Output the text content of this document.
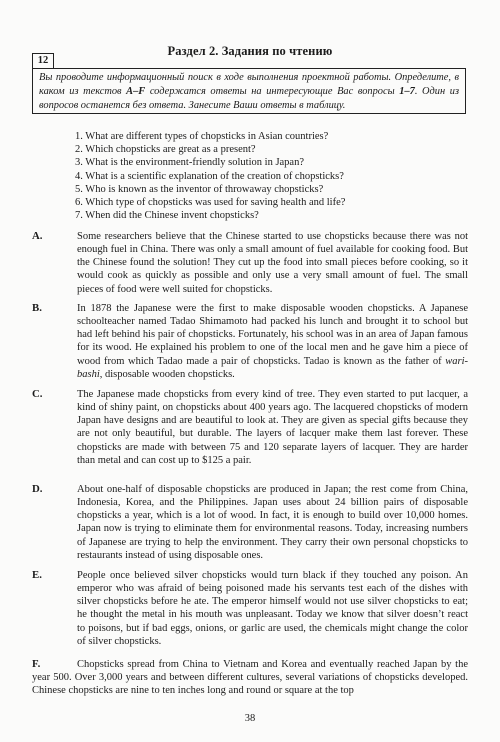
Раздел 2. Задания по чтению
12
Вы проводите информационный поиск в ходе выполнения проектной работы. Определите, в каком из текстов A–F содержатся ответы на интересующие Вас вопросы 1–7. Один из вопросов останется без ответа. Занесите Ваши ответы в таблицу.
1. What are different types of chopsticks in Asian countries?
2. Which chopsticks are great as a present?
3. What is the environment-friendly solution in Japan?
4. What is a scientific explanation of the creation of chopsticks?
5. Who is known as the inventor of throwaway chopsticks?
6. Which type of chopsticks was used for saving health and life?
7. When did the Chinese invent chopsticks?
A.	Some researchers believe that the Chinese started to use chopsticks because there was not enough fuel in China. There was only a small amount of fuel available for cooking food. But the Chinese found the solution! They cut up the food into small pieces before cooking, so it would cook as quickly as possible and only use a very small amount of fuel. The small pieces of food were well suited for chopsticks.
B.	In 1878 the Japanese were the first to make disposable wooden chopsticks. A Japanese schoolteacher named Tadao Shimamoto had packed his lunch and brought it to school but had left behind his pair of chopsticks. Fortunately, his school was in an area of Japan famous for its wood. He explained his problem to one of the local men and he gave him a piece of wood from which Tadao made a pair of chopsticks. Tadao is known as the father of wari-bashi, disposable wooden chopsticks.
C.	The Japanese made chopsticks from every kind of tree. They even started to put lacquer, a kind of shiny paint, on chopsticks about 400 years ago. The lacquered chopsticks of modern Japan have designs and are beautiful to look at. They are given as special gifts because they are not only beautiful, but durable. The layers of lacquer make them last forever. These chopsticks are made with between 75 and 120 separate layers of lacquer. They are harder than metal and can cost up to $125 a pair.
D.	About one-half of disposable chopsticks are produced in Japan; the rest come from China, Indonesia, Korea, and the Philippines. Japan uses about 24 billion pairs of disposable chopsticks a year, which is a lot of wood. In fact, it is enough to build over 10,000 homes. Japan now is trying to eliminate them for environmental reasons. Today, increasing numbers of Japanese are trying to help the environment. They carry their own personal chopsticks to restaurants instead of using disposable ones.
E.	People once believed silver chopsticks would turn black if they touched any poison. An emperor who was afraid of being poisoned made his servants test each of the dishes with silver chopsticks before he ate. The emperor himself would not use silver chopsticks to eat; he thought the metal in his mouth was unpleasant. Today we know that silver doesn’t react to poisons, but if bad eggs, onions, or garlic are used, the chemicals might change the color of silver chopsticks.
F.	Chopsticks spread from China to Vietnam and Korea and eventually reached Japan by the year 500. Over 3,000 years and between different cultures, several variations of chopsticks developed. Chinese chopsticks are nine to ten inches long and round or square at the top
38
